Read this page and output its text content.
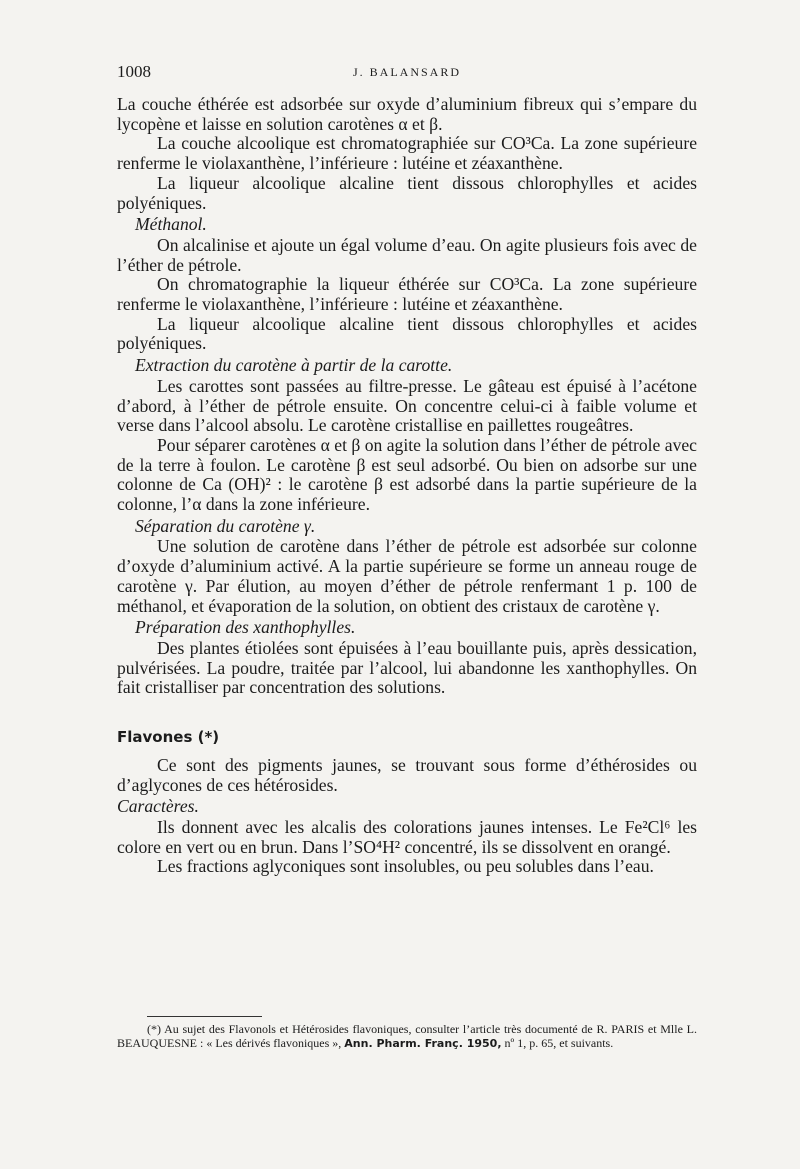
1008	J. BALANSARD

La couche éthérée est adsorbée sur oxyde d’aluminium fibreux qui s’empare du lycopène et laisse en solution carotènes α et β.

La couche alcoolique est chromatographiée sur CO³Ca. La zone supérieure renferme le violaxanthène, l’inférieure : lutéine et zéaxanthène.

La liqueur alcoolique alcaline tient dissous chlorophylles et acides polyéniques.

Méthanol.

On alcalinise et ajoute un égal volume d’eau. On agite plusieurs fois avec de l’éther de pétrole.

On chromatographie la liqueur éthérée sur CO³Ca. La zone supérieure renferme le violaxanthène, l’inférieure : lutéine et zéaxanthène.

La liqueur alcoolique alcaline tient dissous chlorophylles et acides polyéniques.

Extraction du carotène à partir de la carotte.

Les carottes sont passées au filtre-presse. Le gâteau est épuisé à l’acétone d’abord, à l’éther de pétrole ensuite. On concentre celui-ci à faible volume et verse dans l’alcool absolu. Le carotène cristallise en paillettes rougeâtres.

Pour séparer carotènes α et β on agite la solution dans l’éther de pétrole avec de la terre à foulon. Le carotène β est seul adsorbé. Ou bien on adsorbe sur une colonne de Ca (OH)² : le carotène β est adsorbé dans la partie supérieure de la colonne, l’α dans la zone inférieure.

Séparation du carotène γ.

Une solution de carotène dans l’éther de pétrole est adsorbée sur colonne d’oxyde d’aluminium activé. A la partie supérieure se forme un anneau rouge de carotène γ. Par élution, au moyen d’éther de pétrole renfermant 1 p. 100 de méthanol, et évaporation de la solution, on obtient des cristaux de carotène γ.

Préparation des xanthophylles.

Des plantes étiolées sont épuisées à l’eau bouillante puis, après dessication, pulvérisées. La poudre, traitée par l’alcool, lui abandonne les xanthophylles. On fait cristalliser par concentration des solutions.

Flavones (*)

Ce sont des pigments jaunes, se trouvant sous forme d’éthérosides ou d’aglycones de ces hétérosides.

Caractères.

Ils donnent avec les alcalis des colorations jaunes intenses. Le Fe²Cl⁶ les colore en vert ou en brun. Dans l’SO⁴H² concentré, ils se dissolvent en orangé.

Les fractions aglyconiques sont insolubles, ou peu solubles dans l’eau.

(*) Au sujet des Flavonols et Hétérosides flavoniques, consulter l’article très documenté de R. PARIS et Mlle L. BEAUQUESNE : « Les dérivés flavoniques », Ann. Pharm. Franç. 1950, nº 1, p. 65, et suivants.
